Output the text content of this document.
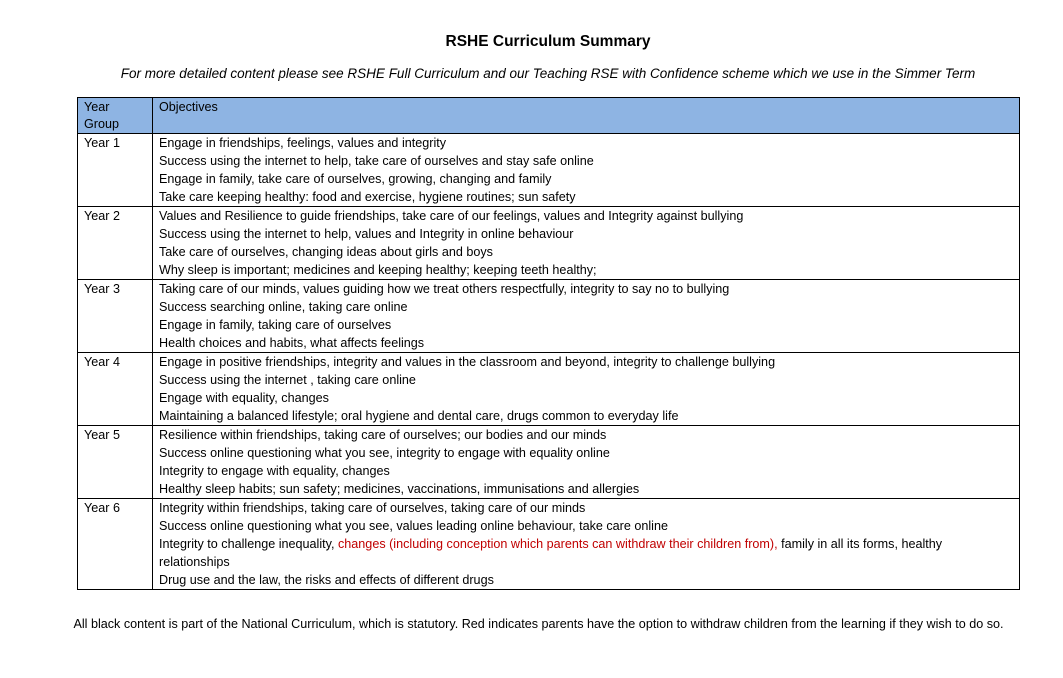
RSHE Curriculum Summary
For more detailed content please see RSHE Full Curriculum and our Teaching RSE with Confidence scheme which we use in the Simmer Term
Year Group	Objectives
Year 1	Engage in friendships, feelings, values and integrity
Success using the internet to help, take care of ourselves and stay safe online
Engage in family, take care of ourselves, growing, changing and family
Take care keeping healthy: food and exercise, hygiene routines; sun safety

Year 2	Values and Resilience to guide friendships, take care of our feelings, values and Integrity against bullying
Success using the internet to help, values and Integrity in online behaviour
Take care of ourselves, changing ideas about girls and boys
Why sleep is important; medicines and keeping healthy; keeping teeth healthy;

Year 3	Taking care of our minds, values guiding how we treat others respectfully, integrity to say no to bullying
Success searching online, taking care online
Engage in family, taking care of ourselves
Health choices and habits, what affects feelings

Year 4	Engage in positive friendships, integrity and values in the classroom and beyond, integrity to challenge bullying
Success using the internet , taking care online
Engage with equality, changes
Maintaining a balanced lifestyle; oral hygiene and dental care, drugs common to everyday life

Year 5	Resilience within friendships, taking care of ourselves; our bodies and our minds
Success online questioning what you see, integrity to engage with equality online
Integrity to engage with equality, changes
Healthy sleep habits; sun safety; medicines, vaccinations, immunisations and allergies

Year 6	Integrity within friendships, taking care of ourselves, taking care of our minds
Success online questioning what you see, values leading online behaviour, take care online
Integrity to challenge inequality, changes (including conception which parents can withdraw their children from), family in all its forms, healthy relationships
Drug use and the law, the risks and effects of different drugs
All black content is part of the National Curriculum, which is statutory. Red indicates parents have the option to withdraw children from the learning if they wish to do so.
